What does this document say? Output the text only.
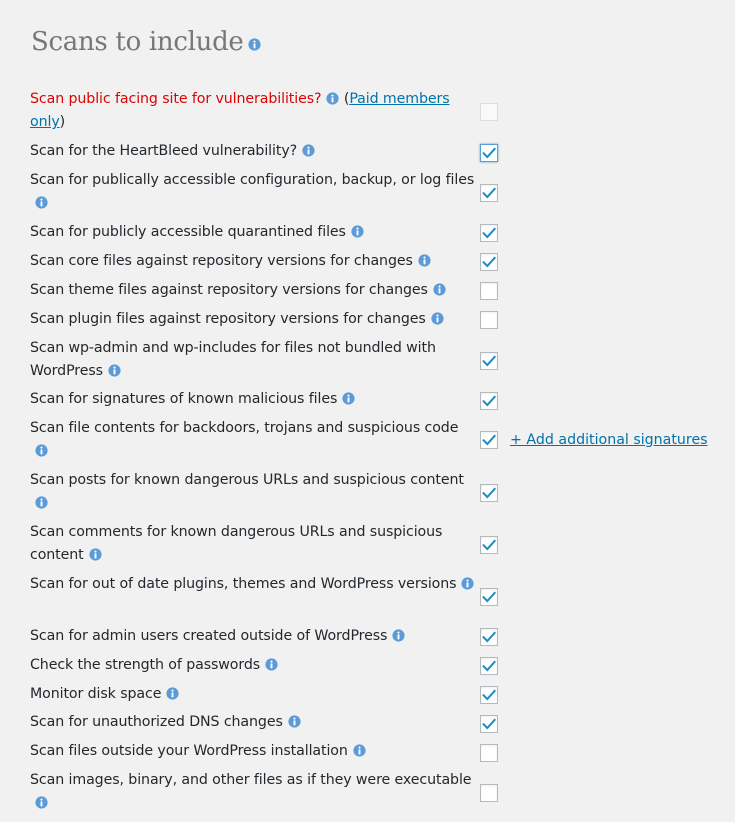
Scans to include
Scan public facing site for vulnerabilities? (Paid members only)
Scan for the HeartBleed vulnerability?
Scan for publically accessible configuration, backup, or log files
Scan for publicly accessible quarantined files
Scan core files against repository versions for changes
Scan theme files against repository versions for changes
Scan plugin files against repository versions for changes
Scan wp-admin and wp-includes for files not bundled with WordPress
Scan for signatures of known malicious files
Scan file contents for backdoors, trojans and suspicious code
Scan posts for known dangerous URLs and suspicious content
Scan comments for known dangerous URLs and suspicious content
Scan for out of date plugins, themes and WordPress versions
Scan for admin users created outside of WordPress
Check the strength of passwords
Monitor disk space
Scan for unauthorized DNS changes
Scan files outside your WordPress installation
Scan images, binary, and other files as if they were executable
+ Add additional signatures
